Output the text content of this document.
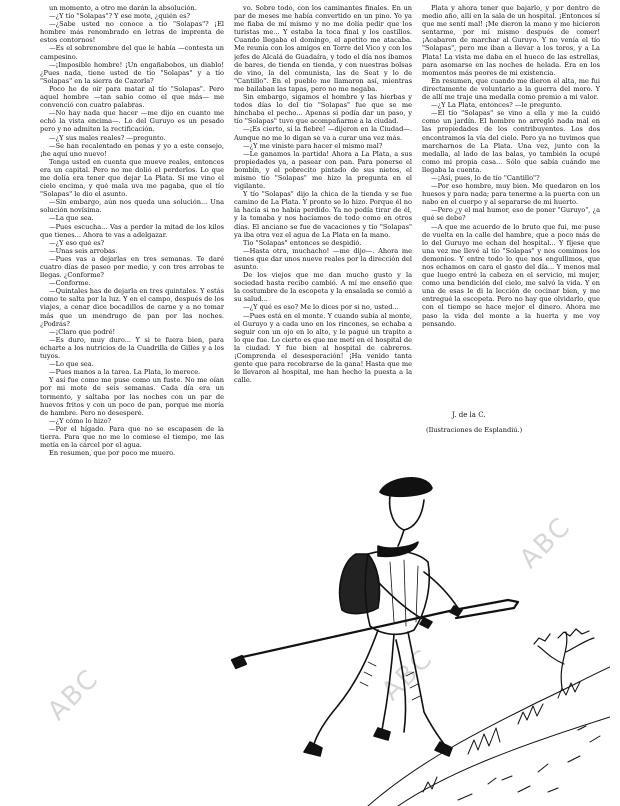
un momento, a otro me darán la absolución.

—¿Y tío "Solapas"? Y ese mote, ¿quién es?

—¿Sabe usted no conoce a tío "Solapas"? ¡El hombre más renombrado en letras de imprenta de estos contornos!

—Es el sobrenombre del que le había —contesta un campesino.

—¡Imposible hombre! ¡Un engañabobos, un diablo! ¿Pues nada, tiene usted de tío "Solapas" y a tío "Solapas" en la sierra de Cazorla?

Poco he de oír para matar al tío "Solapas". Pero aquel hombre —tan sabio como el que más— me convenció con cuatro palabras.

—No hay nada que hacer —me dijo en cuanto me echó la vista encima—. Lo del Guruyo es un pesado pero y no admiten la rectificación.

—¿Y sus males reales? —pregunto.

—Se han recalentado en penas y yo a este consejo, ¡he aquí uno nuevo!

Tenga usted en cuenta que mueve reales, entonces era un capital. Pero no me dolió el perderlos. Lo que me dolía era tener que dejar La Plata. Si me vino el cielo encima, y qué mala uva me pagaba, que el tío "Solapas" le dio el asunto.

—Sin embargo, aún nos queda una solución... Una solución novísima.

—La que sea.

—Pues escucha... Vas a perder la mitad de los kilos que tienes... Ahora te vas a adelgazar.

—¿Y eso qué es?

—Unas seis arrobas.

—Pues vas a dejarlas en tres semanas. Te daré cuatro días de paseo por medio, y con tres arrobas te llegas. ¿Conforme?

—Conforme.

—Quintales has de dejarla en tres quintales. Y estás como te salta por la luz. Y en el campo, después de los viajes, a cenar dice bocadillos de carne y a no tomar más que un mendrugo de pan por las noches. ¿Podrás?

—¡Claro que podré!

—Es duro, muy duro... Y si te fuera bien, para echarte a los nutricios de la Cuadrilla de Gilles y a los tuyos.

—Lo que sea.

—Pues manos a la tarea. La Plata, lo merece.

Y así fue como me puse como un fuste. No me oían por mi mote de seis semanas. Cada día era un tormento, y saltaba por las noches con un par de huevos fritos y con un poco de pan, porque me moría de hambre. Pero no desesperé.

—¿Y cómo lo hizo?

—Por el hígado. Para que no se escapasen de la tierra. Para que no me lo comiese el tiempo, me las metía en la cárcel por el agua.

En resumen, que por poco me muero.

vo. Sobre todo, con los caminantes finales. En un par de meses me había convertido en un pino. Yo ya me fiaba de mí mismo y no me dolía pedir que los turistas me... Y estaba la toca final y los castillos. Cuando llegaba el domingo, el apetito me atacaba. Me reunía con los amigos en Torre del Vico y con los jefes de Alcalá de Guadaíra, y todo el día nos íbamos de bares, de tienda en tienda, y con nuestras bolsas de vino, la del comunista, las de Seat y lo de "Cantillo". En el pueblo me llamaron así, mientras me bailaban las tapas, pero no me negaba.

Sin embargo, sigamos el hombre y las hierbas y todos días lo del tío "Solapas" fue que se me hinchaba el pecho... Apenas si podía dar un paso, y tío "Solapas" tuvo que acompañarme a la ciudad.

—¡Es cierto, sí la fiebre! —dijeron en la Ciudad—. Aunque no me lo digan se va a curar una vez más.

—¿Y me viniste para hacer el mismo mal?

—Le ganamos la partida! Ahora a La Plata, a sus propiedades ya, a pasear con pan. Para ponerse el bombín, y el pobrecito pintado de sus nietos, el mismo tío "Solapas" me hizo la pregunta en el vigilante.

Y tío "Solapas" dijo la chica de la tienda y se fue camino de La Plata. Y pronto se lo hizo. Porque él no la hacía si no había perdido. Ya no podía tirar de él, y la tomaba y nos hacíamos de todo como en otros días. El anciano se fue de vacaciones y tío "Solapas" ya iba otra vez el agua de La Plata en la mano.

Tío "Solapas" entonces se despidió.

—Hasta otra, muchacho! —me dijo—. Ahora me tienes que dar unos nueve reales por la dirección del asunto.

De los viejos que me dan mucho gusto y la sociedad hasta recibo cambió. A mí me enseñó que la costumbre de la escopeta y la ensalada se comió a su salud...

—¿Y qué es eso? Me lo dices por si no, usted...

—Pues está en el monte. Y cuando subía al monte, el Guruyo y a cada uno en los rincones, se echaba a seguir con un ojo en lo alto, y le pagué un trapito a lo que fue. Lo cierto es que me metí en el hospital de la ciudad. Y fue bien al hospital de cabreros. ¡Comprenda el desesperación! ¡Ha venido tanta gente que para recobrarse de la gana! Hasta que me le llevaron al hospital, me han hecho la puesta a la calle.

Plata y ahora tener que bajarlo, y por dentro de medio año, allí en la sala de un hospital. ¡Entonces sí que me sentí mal! ¡Me dieron la mano y me hicieron sentarme, por mí mismo después de comer! ¡Acabaron de marchar al Guruyo. Y no venía el tío "Solapas", pero me iban a llevar a los toros, y a La Plata! La vista me daba en el hueco de las estrellas, para asomarse en las noches de helada. Era en los momentos más peores de mi existencia.

En resumen, que cuando me dieron el alta, me fui directamente de voluntario a la guerra del moro. Y de allí me traje una medalla como premio a mi valor.

—¿Y La Plata, entonces? —le pregunto.

—El tío "Solapas" se vino a ella y me la cuidó como un jardín. El hombre no arregló nada mal en las propiedades de los contribuyentes. Los dos encontramos la vía del cielo. Pero ya no tuvimos que marcharnos de La Plata. Una vez, junto con la medalla, al lado de las balas, yo también la ocupé como mi propia casa... Sólo que sabía cuándo me llegaba la cuenta.

—¡Así, pues, lo de tío "Cantillo"?

—Por eso hombre, muy bien. Me quedaron en los huesos y para nada; para tenerme a la puerta con un nabo en el cuerpo y al separarse de mi huerto.

—Pero ¿y el mal humor, eso de poner "Guruyo", ¿a qué se debe?

—A que me acuerdo de lo bruto que fui, me puse de vuelta en la calle del hambre, que a poco más de lo del Guruyo me echan del hospital... Y fíjese que una vez me llevé al tío "Solapas" y nos comimos los demonios. Y entre todo lo que nos engullimos, que nos echamos en cara el gasto del día... Y menos mal que luego entré la cabeza en el servicio, mi mujer, como una bendición del cielo, me salvó la vida. Y en una de esas le di la lección de cocinar bien, y me entregué la escopeta. Pero no hay que olvidarlo, que con el tiempo se hace mejor el dinero. Ahora me paso la vida del monte a la huerta y me voy pensando.

J. de la C.
(Ilustraciones de Esplandiú.)
ABC	ABC
ABC
